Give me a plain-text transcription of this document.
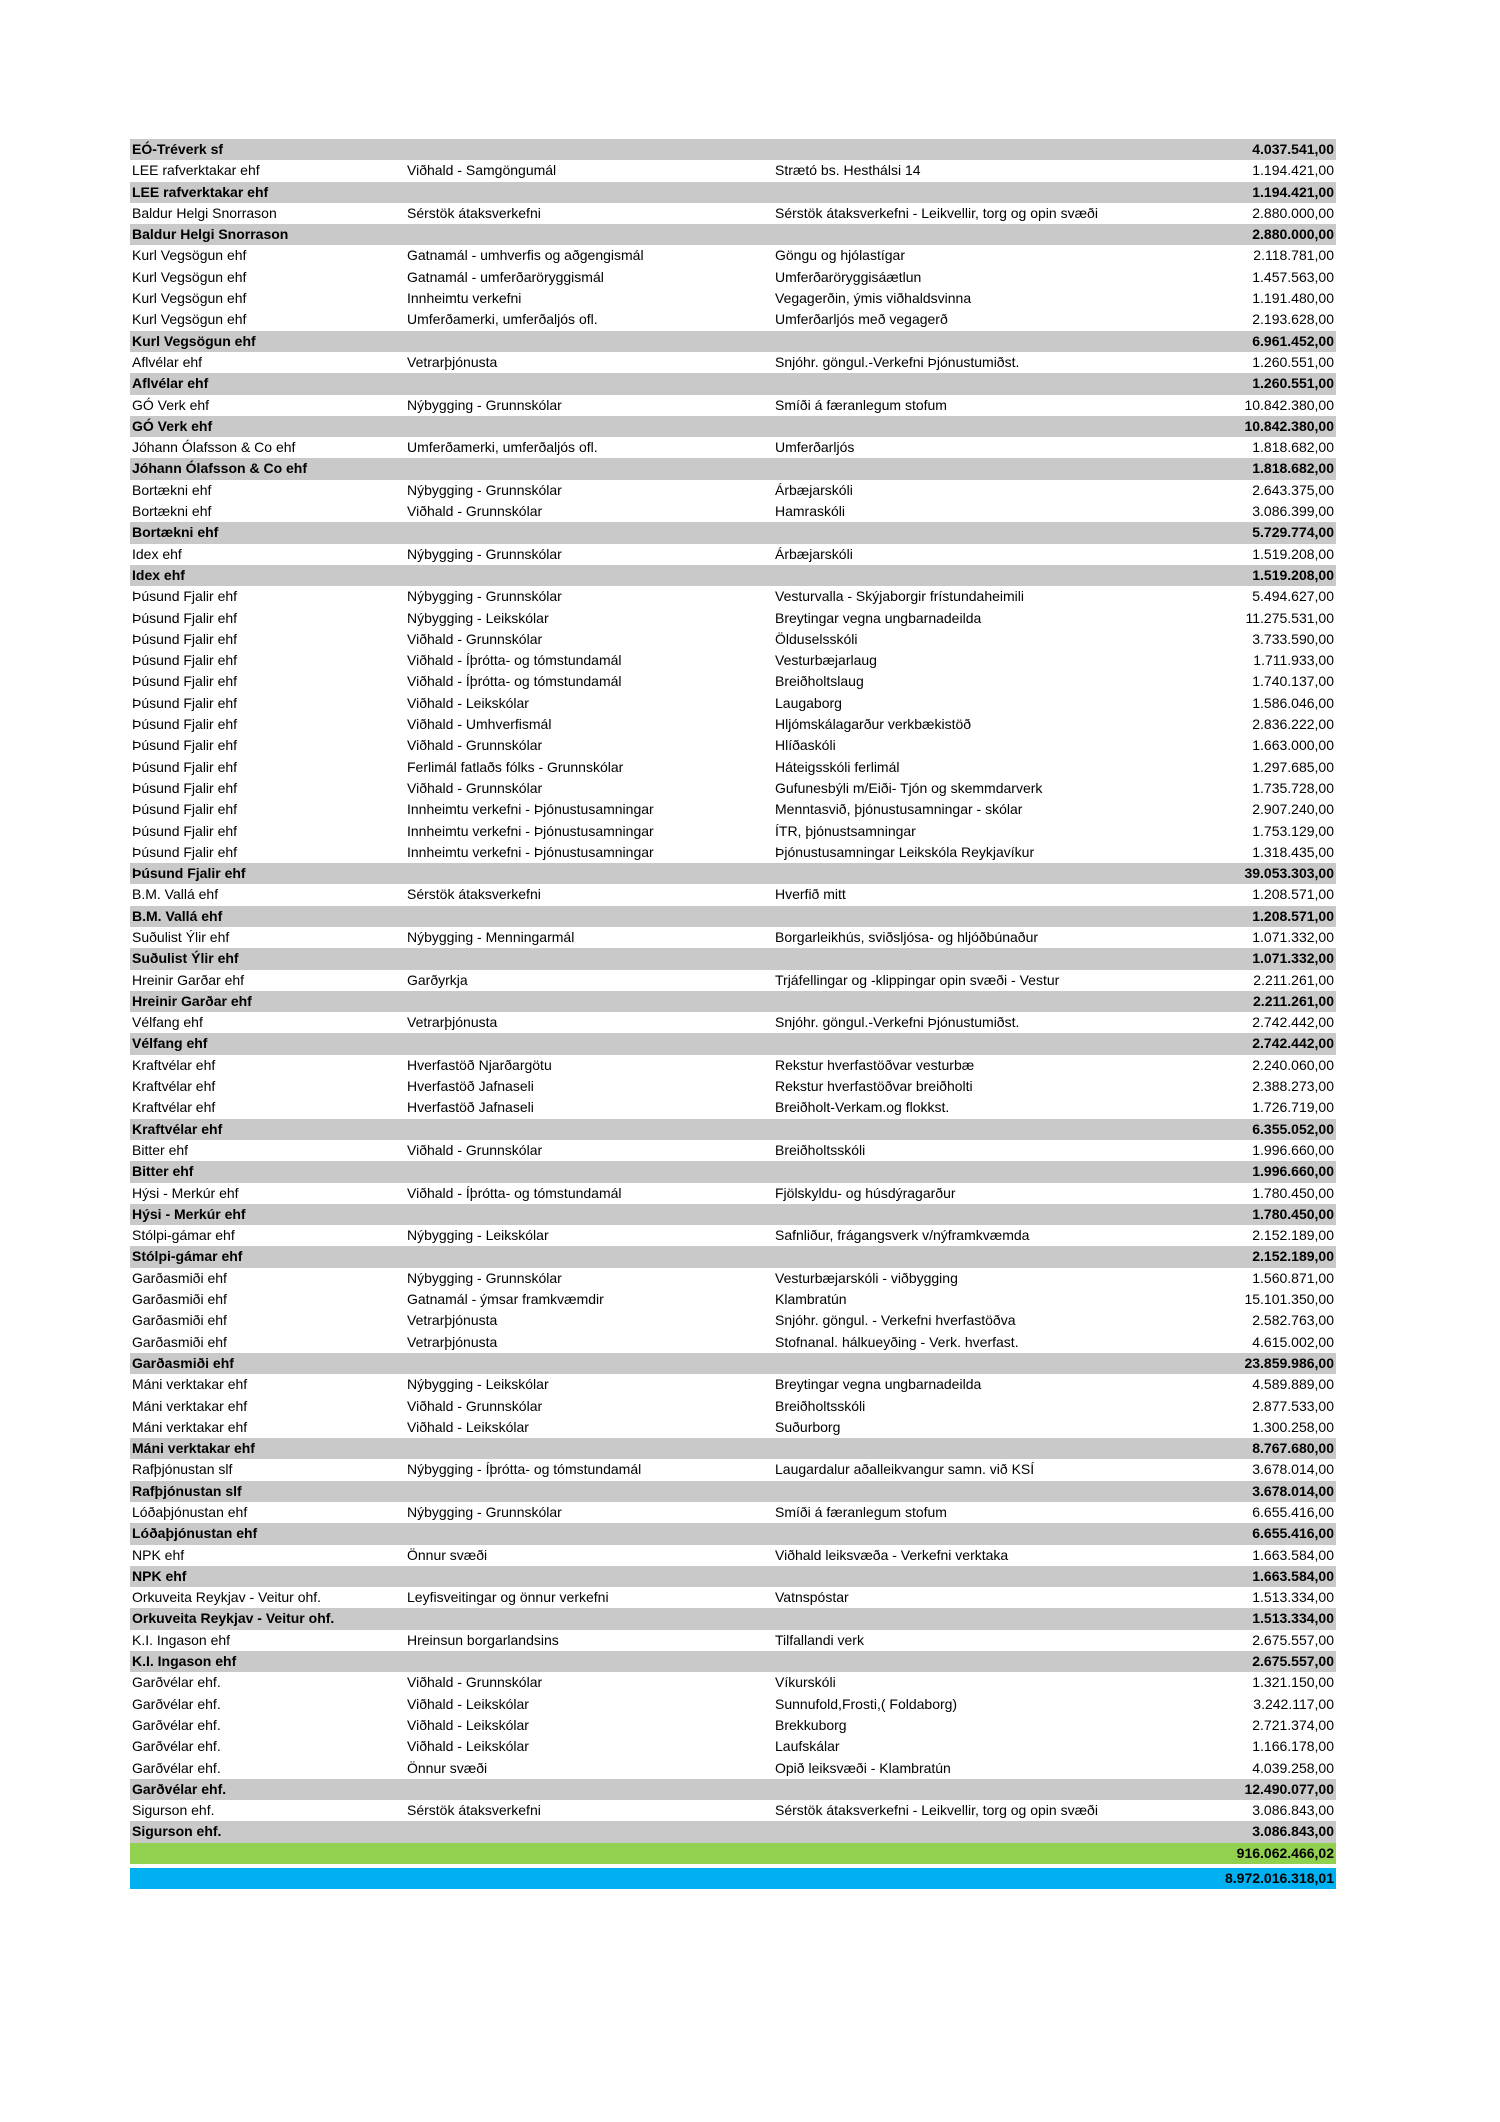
EÓ-Tréverk sf	4.037.541,00
LEE rafverktakar ehf	Viðhald - Samgöngumál	Strætó bs. Hesthálsi 14	1.194.421,00
LEE rafverktakar ehf	1.194.421,00
Baldur Helgi Snorrason	Sérstök átaksverkefni	Sérstök átaksverkefni - Leikvellir, torg og opin svæði	2.880.000,00
Baldur Helgi Snorrason	2.880.000,00
Kurl Vegsögun ehf	Gatnamál - umhverfis og aðgengismál	Göngu og hjólastígar	2.118.781,00
Kurl Vegsögun ehf	Gatnamál - umferðaröryggismál	Umferðaröryggisáætlun	1.457.563,00
Kurl Vegsögun ehf	Innheimtu verkefni	Vegagerðin, ýmis viðhaldsvinna	1.191.480,00
Kurl Vegsögun ehf	Umferðamerki, umferðaljós ofl.	Umferðarljós með vegagerð	2.193.628,00
Kurl Vegsögun ehf	6.961.452,00
Aflvélar ehf	Vetrarþjónusta	Snjóhr. göngul.-Verkefni Þjónustumiðst.	1.260.551,00
Aflvélar ehf	1.260.551,00
GÓ Verk ehf	Nýbygging - Grunnskólar	Smíði á færanlegum stofum	10.842.380,00
GÓ Verk ehf	10.842.380,00
Jóhann Ólafsson & Co ehf	Umferðamerki, umferðaljós ofl.	Umferðarljós	1.818.682,00
Jóhann Ólafsson & Co ehf	1.818.682,00
Bortækni ehf	Nýbygging - Grunnskólar	Árbæjarskóli	2.643.375,00
Bortækni ehf	Viðhald - Grunnskólar	Hamraskóli	3.086.399,00
Bortækni ehf	5.729.774,00
Idex ehf	Nýbygging - Grunnskólar	Árbæjarskóli	1.519.208,00
Idex ehf	1.519.208,00
Þúsund Fjalir ehf	Nýbygging - Grunnskólar	Vesturvalla - Skýjaborgir frístundaheimili	5.494.627,00
Þúsund Fjalir ehf	Nýbygging - Leikskólar	Breytingar vegna ungbarnadeilda	11.275.531,00
Þúsund Fjalir ehf	Viðhald - Grunnskólar	Ölduselsskóli	3.733.590,00
Þúsund Fjalir ehf	Viðhald - Íþrótta- og tómstundamál	Vesturbæjarlaug	1.711.933,00
Þúsund Fjalir ehf	Viðhald - Íþrótta- og tómstundamál	Breiðholtslaug	1.740.137,00
Þúsund Fjalir ehf	Viðhald - Leikskólar	Laugaborg	1.586.046,00
Þúsund Fjalir ehf	Viðhald - Umhverfismál	Hljómskálagarður verkbækistöð	2.836.222,00
Þúsund Fjalir ehf	Viðhald - Grunnskólar	Hlíðaskóli	1.663.000,00
Þúsund Fjalir ehf	Ferlimál fatlaðs fólks - Grunnskólar	Háteigsskóli ferlimál	1.297.685,00
Þúsund Fjalir ehf	Viðhald - Grunnskólar	Gufunesbýli m/Eiði- Tjón og skemmdarverk	1.735.728,00
Þúsund Fjalir ehf	Innheimtu verkefni - Þjónustusamningar	Menntasvið, þjónustusamningar - skólar	2.907.240,00
Þúsund Fjalir ehf	Innheimtu verkefni - Þjónustusamningar	ÍTR, þjónustsamningar	1.753.129,00
Þúsund Fjalir ehf	Innheimtu verkefni - Þjónustusamningar	Þjónustusamningar Leikskóla Reykjavíkur	1.318.435,00
Þúsund Fjalir ehf	39.053.303,00
B.M. Vallá ehf	Sérstök átaksverkefni	Hverfið mitt	1.208.571,00
B.M. Vallá ehf	1.208.571,00
Suðulist Ýlir ehf	Nýbygging - Menningarmál	Borgarleikhús, sviðsljósa- og hljóðbúnaður	1.071.332,00
Suðulist Ýlir ehf	1.071.332,00
Hreinir Garðar ehf	Garðyrkja	Trjáfellingar og -klippingar opin svæði - Vestur	2.211.261,00
Hreinir Garðar ehf	2.211.261,00
Vélfang ehf	Vetrarþjónusta	Snjóhr. göngul.-Verkefni Þjónustumiðst.	2.742.442,00
Vélfang ehf	2.742.442,00
Kraftvélar ehf	Hverfastöð Njarðargötu	Rekstur hverfastöðvar vesturbæ	2.240.060,00
Kraftvélar ehf	Hverfastöð Jafnaseli	Rekstur hverfastöðvar breiðholti	2.388.273,00
Kraftvélar ehf	Hverfastöð Jafnaseli	Breiðholt-Verkam.og flokkst.	1.726.719,00
Kraftvélar ehf	6.355.052,00
Bitter ehf	Viðhald - Grunnskólar	Breiðholtsskóli	1.996.660,00
Bitter ehf	1.996.660,00
Hýsi - Merkúr ehf	Viðhald - Íþrótta- og tómstundamál	Fjölskyldu- og húsdýragarður	1.780.450,00
Hýsi - Merkúr ehf	1.780.450,00
Stólpi-gámar ehf	Nýbygging - Leikskólar	Safnliður, frágangsverk v/nýframkvæmda	2.152.189,00
Stólpi-gámar ehf	2.152.189,00
Garðasmiði ehf	Nýbygging - Grunnskólar	Vesturbæjarskóli - viðbygging	1.560.871,00
Garðasmiði ehf	Gatnamál - ýmsar framkvæmdir	Klambratún	15.101.350,00
Garðasmiði ehf	Vetrarþjónusta	Snjóhr. göngul. - Verkefni hverfastöðva	2.582.763,00
Garðasmiði ehf	Vetrarþjónusta	Stofnanal. hálkueyðing - Verk. hverfast.	4.615.002,00
Garðasmiði ehf	23.859.986,00
Máni verktakar ehf	Nýbygging - Leikskólar	Breytingar vegna ungbarnadeilda	4.589.889,00
Máni verktakar ehf	Viðhald - Grunnskólar	Breiðholtsskóli	2.877.533,00
Máni verktakar ehf	Viðhald - Leikskólar	Suðurborg	1.300.258,00
Máni verktakar ehf	8.767.680,00
Rafþjónustan slf	Nýbygging - Íþrótta- og tómstundamál	Laugardalur aðalleikvangur samn. við KSÍ	3.678.014,00
Rafþjónustan slf	3.678.014,00
Lóðaþjónustan ehf	Nýbygging - Grunnskólar	Smíði á færanlegum stofum	6.655.416,00
Lóðaþjónustan ehf	6.655.416,00
NPK ehf	Önnur svæði	Viðhald leiksvæða - Verkefni verktaka	1.663.584,00
NPK ehf	1.663.584,00
Orkuveita Reykjav - Veitur ohf.	Leyfisveitingar og önnur verkefni	Vatnspóstar	1.513.334,00
Orkuveita Reykjav - Veitur ohf.	1.513.334,00
K.I. Ingason ehf	Hreinsun borgarlandsins	Tilfallandi verk	2.675.557,00
K.I. Ingason ehf	2.675.557,00
Garðvélar ehf.	Viðhald - Grunnskólar	Víkurskóli	1.321.150,00
Garðvélar ehf.	Viðhald - Leikskólar	Sunnufold,Frosti,( Foldaborg)	3.242.117,00
Garðvélar ehf.	Viðhald - Leikskólar	Brekkuborg	2.721.374,00
Garðvélar ehf.	Viðhald - Leikskólar	Laufskálar	1.166.178,00
Garðvélar ehf.	Önnur svæði	Opið leiksvæði - Klambratún	4.039.258,00
Garðvélar ehf.	12.490.077,00
Sigurson ehf.	Sérstök átaksverkefni	Sérstök átaksverkefni - Leikvellir, torg og opin svæði	3.086.843,00
Sigurson ehf.	3.086.843,00
916.062.466,02
8.972.016.318,01
